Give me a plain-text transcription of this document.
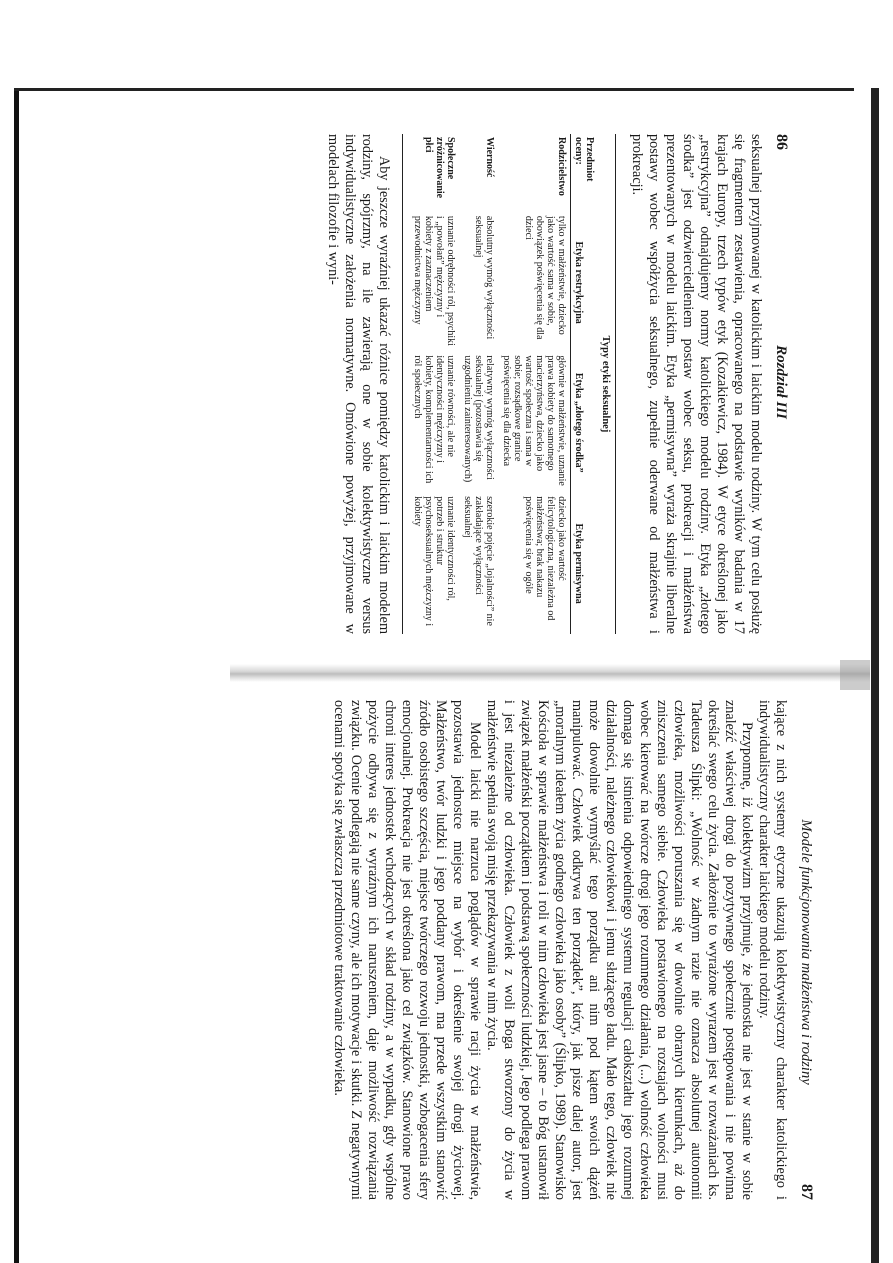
86
Rozdział III

seksualnej przyjmowanej w katolickim i laickim modelu rodziny. W tym celu posłużę się fragmentem zestawienia, opracowanego na podstawie wyników badania w 17 krajach Europy, trzech typów etyk (Kozakiewicz, 1984). W etyce określonej jako „restrykcyjna” odnajdujemy normy katolickiego modelu rodziny. Etyka „złotego środka” jest odzwierciedleniem postaw wobec seksu, prokreacji i małżeństwa prezentowanych w modelu laickim. Etyka „permisywna” wyraża skrajnie liberalne postawy wobec współżycia seksualnego, zupełnie oderwane od małżeństwa i prokreacji.

Typy etyki seksualnej
Przedmiot oceny:	Etyka restrykcyjna	Etyka „złotego środka”	Etyka permisywna
Rodzicielstwo	tylko w małżeństwie, dziecko jako wartość sama w sobie, obowiązek poświęcenia się dla dzieci	głównie w małżeństwie, uznanie prawa kobiety do samotnego macierzyństwa, dziecko jako wartość społeczna i sama w sobie; rozsądkowe granice poświęcenia się dla dziecka	dziecko jako wartość felicytologiczna, niezależna od małżeństwa; brak nakazu poświęcenia się w ogóle
Wierność	absolutny wymóg wyłączności seksualnej	relatywny wymóg wyłączności seksualnej (pozostawia się uzgodnieniu zainteresowanych)	szerokie pojęcie „lojalności” nie zakładające wyłączności seksualnej
Społeczne zróżnicowanie płci	uznanie odrębności ról, psychiki i „powołań” mężczyzny i kobiety z zaznaczeniem przewodnictwa mężczyzny	uznanie równości, ale nie identyczności mężczyzny i kobiety, komplementarności ich ról społecznych	uznanie identyczności ról, potrzeb i struktur psychoseksualnych mężczyzny i kobiety

Aby jeszcze wyraźniej ukazać różnice pomiędzy katolickim i laickim modelem rodziny, spójrzmy, na ile zawierają one w sobie kolektywistyczne versus indywidualistyczne założenia normatywne. Omówione powyżej, przyjmowane w modelach filozofie i wyni-

Modele funkcjonowania małżeństwa i rodziny
87

kające z nich systemy etyczne ukazują kolektywistyczny charakter katolickiego i indywidualistyczny charakter laickiego modelu rodziny.

Przypomnę, iż kolektywizm przyjmuje, że jednostka nie jest w stanie w sobie znaleźć właściwej drogi do pozytywnego społecznie postępowania i nie powinna określać swego celu życia. Założenie to wyrażone wyrazem jest w rozważaniach ks. Tadeusza Ślipki: „Wolność w żadnym razie nie oznacza absolutnej autonomii człowieka, możliwości poruszania się w dowolnie obranych kierunkach, aż do zniszczenia samego siebie. Człowieka postawionego na rozstajach wolności musi wobec kierować na twórcze drogi jego rozumnego działania, (...) wolność człowieka domaga się istnienia odpowiedniego systemu regulacji całokształtu jego rozumnej działalności, należnego człowiekowi i jemu służącego ładu. Mało tego, człowiek nie może dowolnie wymyślać tego porządku ani nim pod kątem swoich dążeń manipulować. Człowiek odkrywa ten porządek”, który, jak pisze dalej autor, jest „moralnym ideałem życia godnego człowieka jako osoby” (Ślipko, 1989). Stanowisko Kościoła w sprawie małżeństwa i roli w nim człowieka jest jasne – to Bóg ustanowił związek małżeński początkiem i podstawą społeczności ludzkiej, Jego podlega prawom i jest niezależne od człowieka. Człowiek z woli Boga stworzony do życia w małżeństwie spełnia swoją misję przekazywania w nim życia.

Model laicki nie narzuca poglądów w sprawie racji życia w małżeństwie, pozostawia jednostce miejsce na wybór i określenie swojej drogi życiowej. Małżeństwo, twór ludzki i jego poddany prawom, ma przede wszystkim stanowić źródło osobistego szczęścia, miejsce twórczego rozwoju jednostki, wzbogacenia sfery emocjonalnej. Prokreacja nie jest określona jako cel związków. Stanowione prawo chroni interes jednostek wchodzących w skład rodziny, a w wypadku, gdy wspólne pożycie odbywa się z wyraźnym ich naruszeniem, daje możliwość rozwiązania związku. Ocenie podlegają nie same czyny, ale ich motywacje i skutki. Z negatywnymi ocenami spotyka się zwłaszcza przedmiotowe traktowanie człowieka.
